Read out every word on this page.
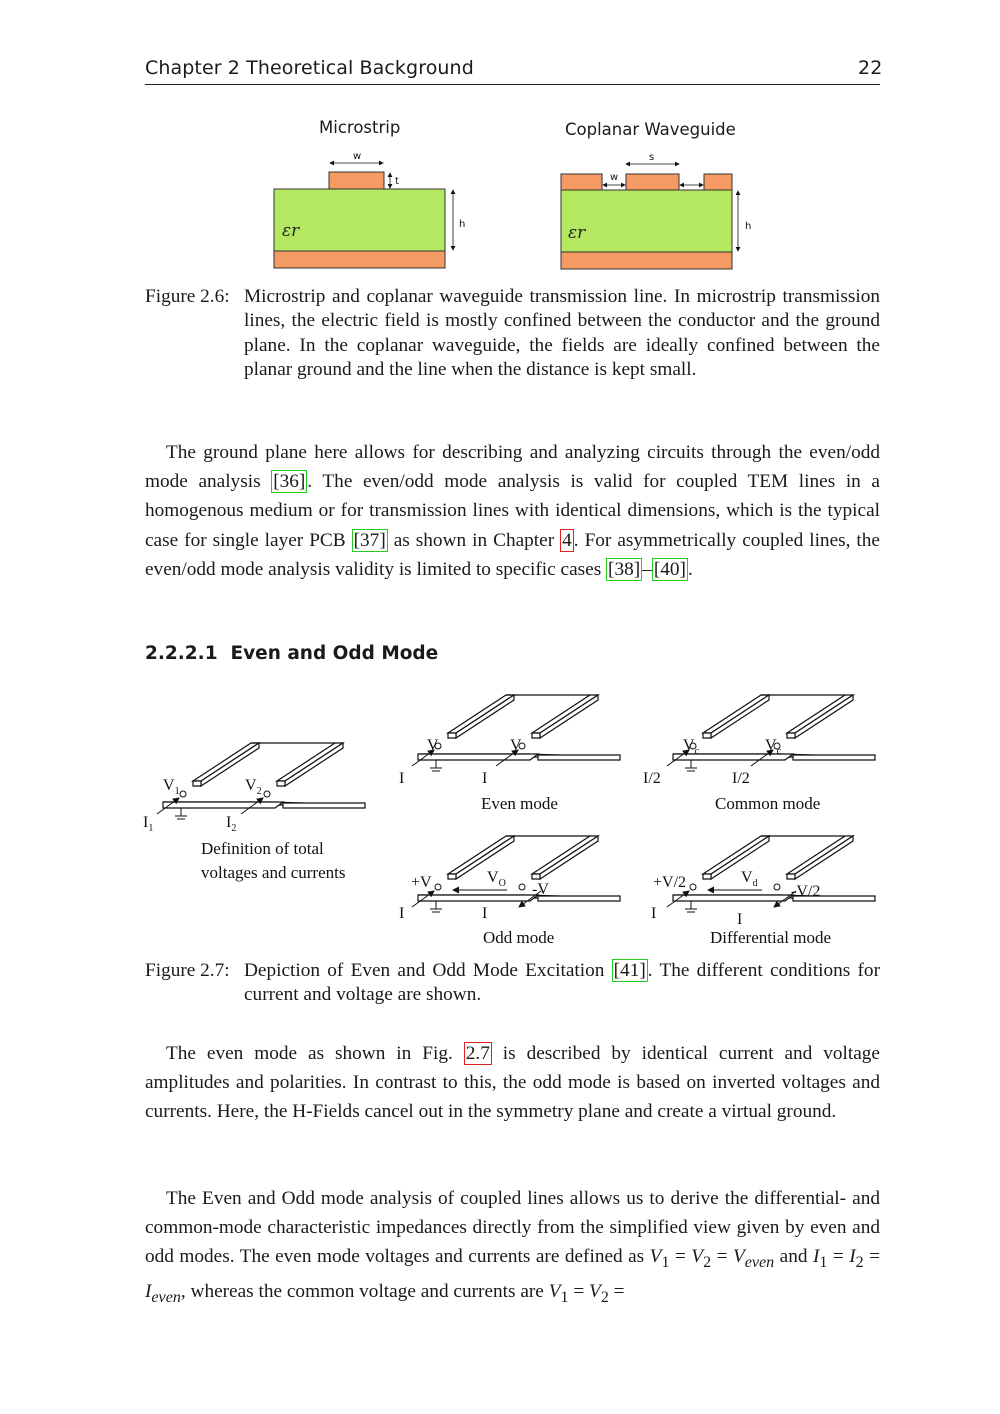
Chapter 2 Theoretical Background	22
Microstrip	Coplanar Waveguide
w
t
h
εr
s
w
h
εr
Figure 2.6: Microstrip and coplanar waveguide transmission line. In microstrip transmission lines, the electric field is mostly confined between the conductor and the ground plane. In the coplanar waveguide, the fields are ideally confined between the planar ground and the line when the distance is kept small.
The ground plane here allows for describing and analyzing circuits through the even/odd mode analysis [36] . The even/odd mode analysis is valid for coupled TEM lines in a homogenous medium or for transmission lines with identical dimensions, which is the typical case for single layer PCB [37] as shown in Chapter 4 . For asymmetrically coupled lines, the even/odd mode analysis validity is limited to specific cases [38] – [40] .
2.2.2.1 Even and Odd Mode
$V_1$	$V_2$
$I_1$	$I_2$
Definition of total
voltages and currents
V	V
I	I
Even mode
$V_c$	$V_c$
I/2	I/2
Common mode
+V	-V
$V_O$
I	I
Odd mode
+V/2
-V/2
$V_d$
I	I
Differential mode
Figure 2.7: Depiction of Even and Odd Mode Excitation [41] . The different conditions for current and voltage are shown.
The even mode as shown in Fig. 2.7 is described by identical current and voltage amplitudes and polarities. In contrast to this, the odd mode is based on inverted voltages and currents. Here, the H-Fields cancel out in the symmetry plane and create a virtual ground.
The Even and Odd mode analysis of coupled lines allows us to derive the differential- and common-mode characteristic impedances directly from the simplified view given by even and odd modes. The even mode voltages and currents are defined as $V_1 = V_2 = V_{even}$ and $I_1 = I_2 = I_{even}$, whereas the common voltage and currents are $V_1 = V_2$ =
